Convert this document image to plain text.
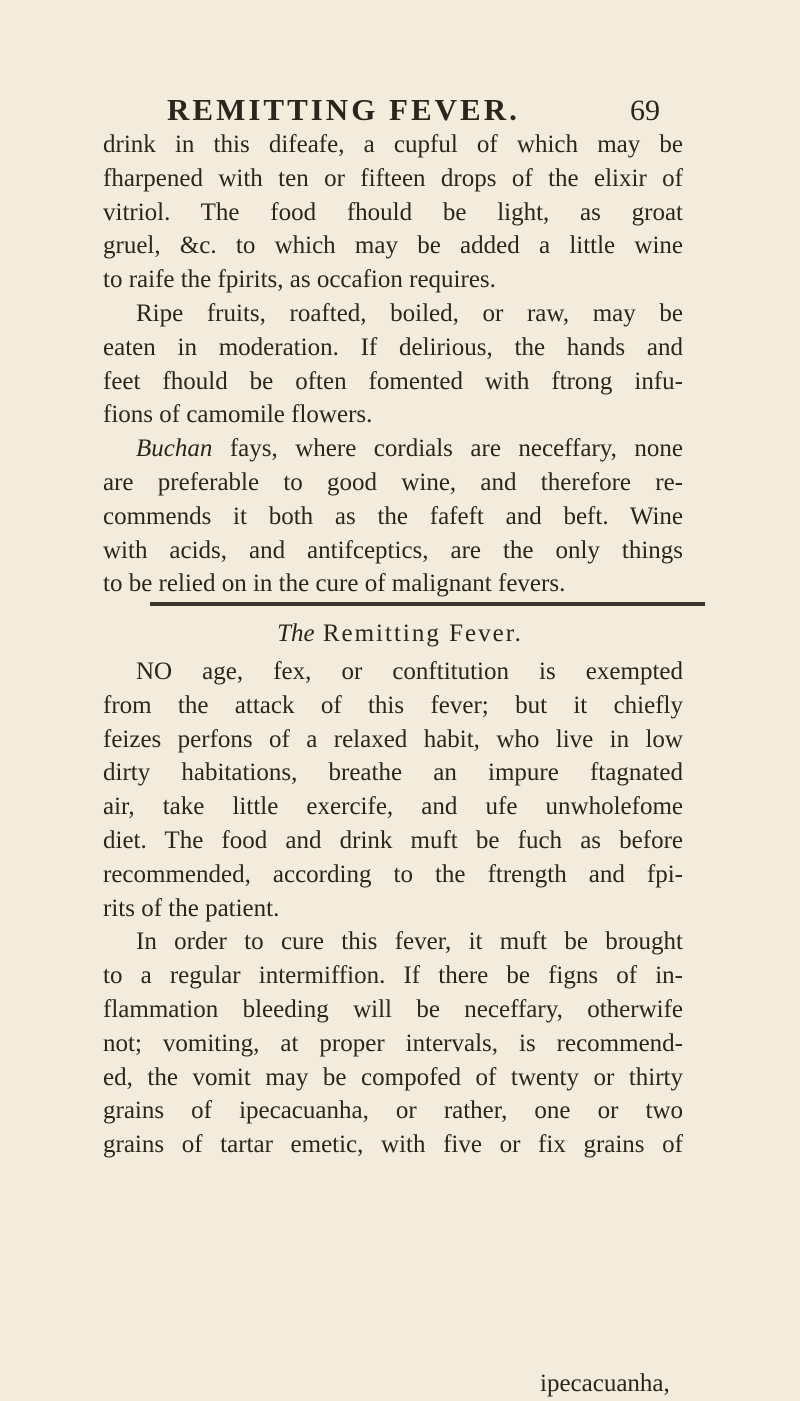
REMITTING FEVER.	69
drink in this difeafe, a cupful of which may be
fharpened with ten or fifteen drops of the elixir of
vitriol. The food fhould be light, as groat
gruel, &c. to which may be added a little wine
to raife the fpirits, as occafion requires.
Ripe fruits, roafted, boiled, or raw, may be
eaten in moderation. If delirious, the hands and
feet fhould be often fomented with ftrong infu-
fions of camomile flowers.
Buchan fays, where cordials are neceffary, none
are preferable to good wine, and therefore re-
commends it both as the fafeft and beft. Wine
with acids, and antifceptics, are the only things
to be relied on in the cure of malignant fevers.
The Remitting Fever.
NO age, fex, or conftitution is exempted
from the attack of this fever; but it chiefly
feizes perfons of a relaxed habit, who live in low
dirty habitations, breathe an impure ftagnated
air, take little exercife, and ufe unwholefome
diet. The food and drink muft be fuch as before
recommended, according to the ftrength and fpi-
rits of the patient.
In order to cure this fever, it muft be brought
to a regular intermiffion. If there be figns of in-
flammation bleeding will be neceffary, otherwife
not; vomiting, at proper intervals, is recommend-
ed, the vomit may be compofed of twenty or thirty
grains of ipecacuanha, or rather, one or two
grains of tartar emetic, with five or fix grains of
ipecacuanha,
